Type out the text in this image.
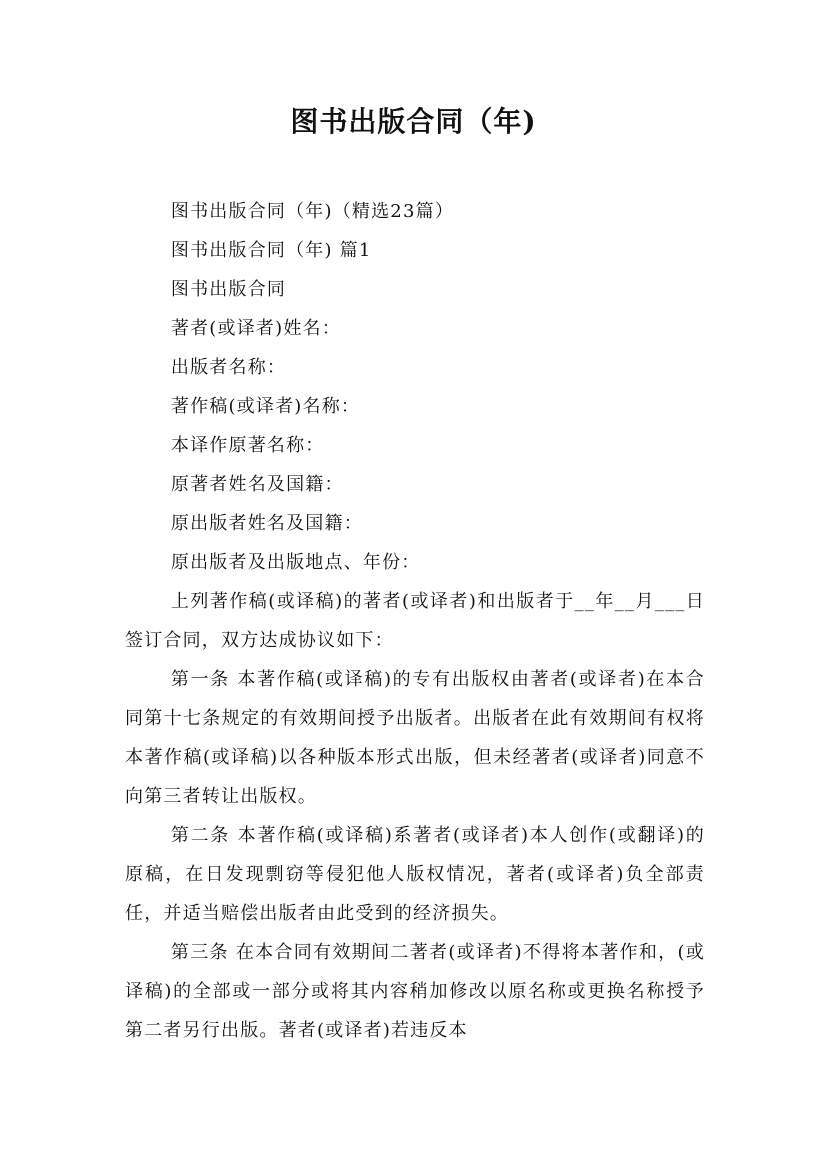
图书出版合同（年)

图书出版合同（年)（精选23篇）

图书出版合同（年) 篇1

图书出版合同

著者(或译者)姓名：

出版者名称：

著作稿(或译者)名称：

本译作原著名称：

原著者姓名及国籍：

原出版者姓名及国籍：

原出版者及出版地点、年份：

上列著作稿(或译稿)的著者(或译者)和出版者于__年__月___日签订合同，双方达成协议如下：

第一条 本著作稿(或译稿)的专有出版权由著者(或译者)在本合同第十七条规定的有效期间授予出版者。出版者在此有效期间有权将本著作稿(或译稿)以各种版本形式出版，但未经著者(或译者)同意不向第三者转让出版权。

第二条 本著作稿(或译稿)系著者(或译者)本人创作(或翻译)的原稿，在日发现剽窃等侵犯他人版权情况，著者(或译者)负全部责任，并适当赔偿出版者由此受到的经济损失。

第三条 在本合同有效期间二著者(或译者)不得将本著作和，(或译稿)的全部或一部分或将其内容稍加修改以原名称或更换名称授予第二者另行出版。著者(或译者)若违反本
